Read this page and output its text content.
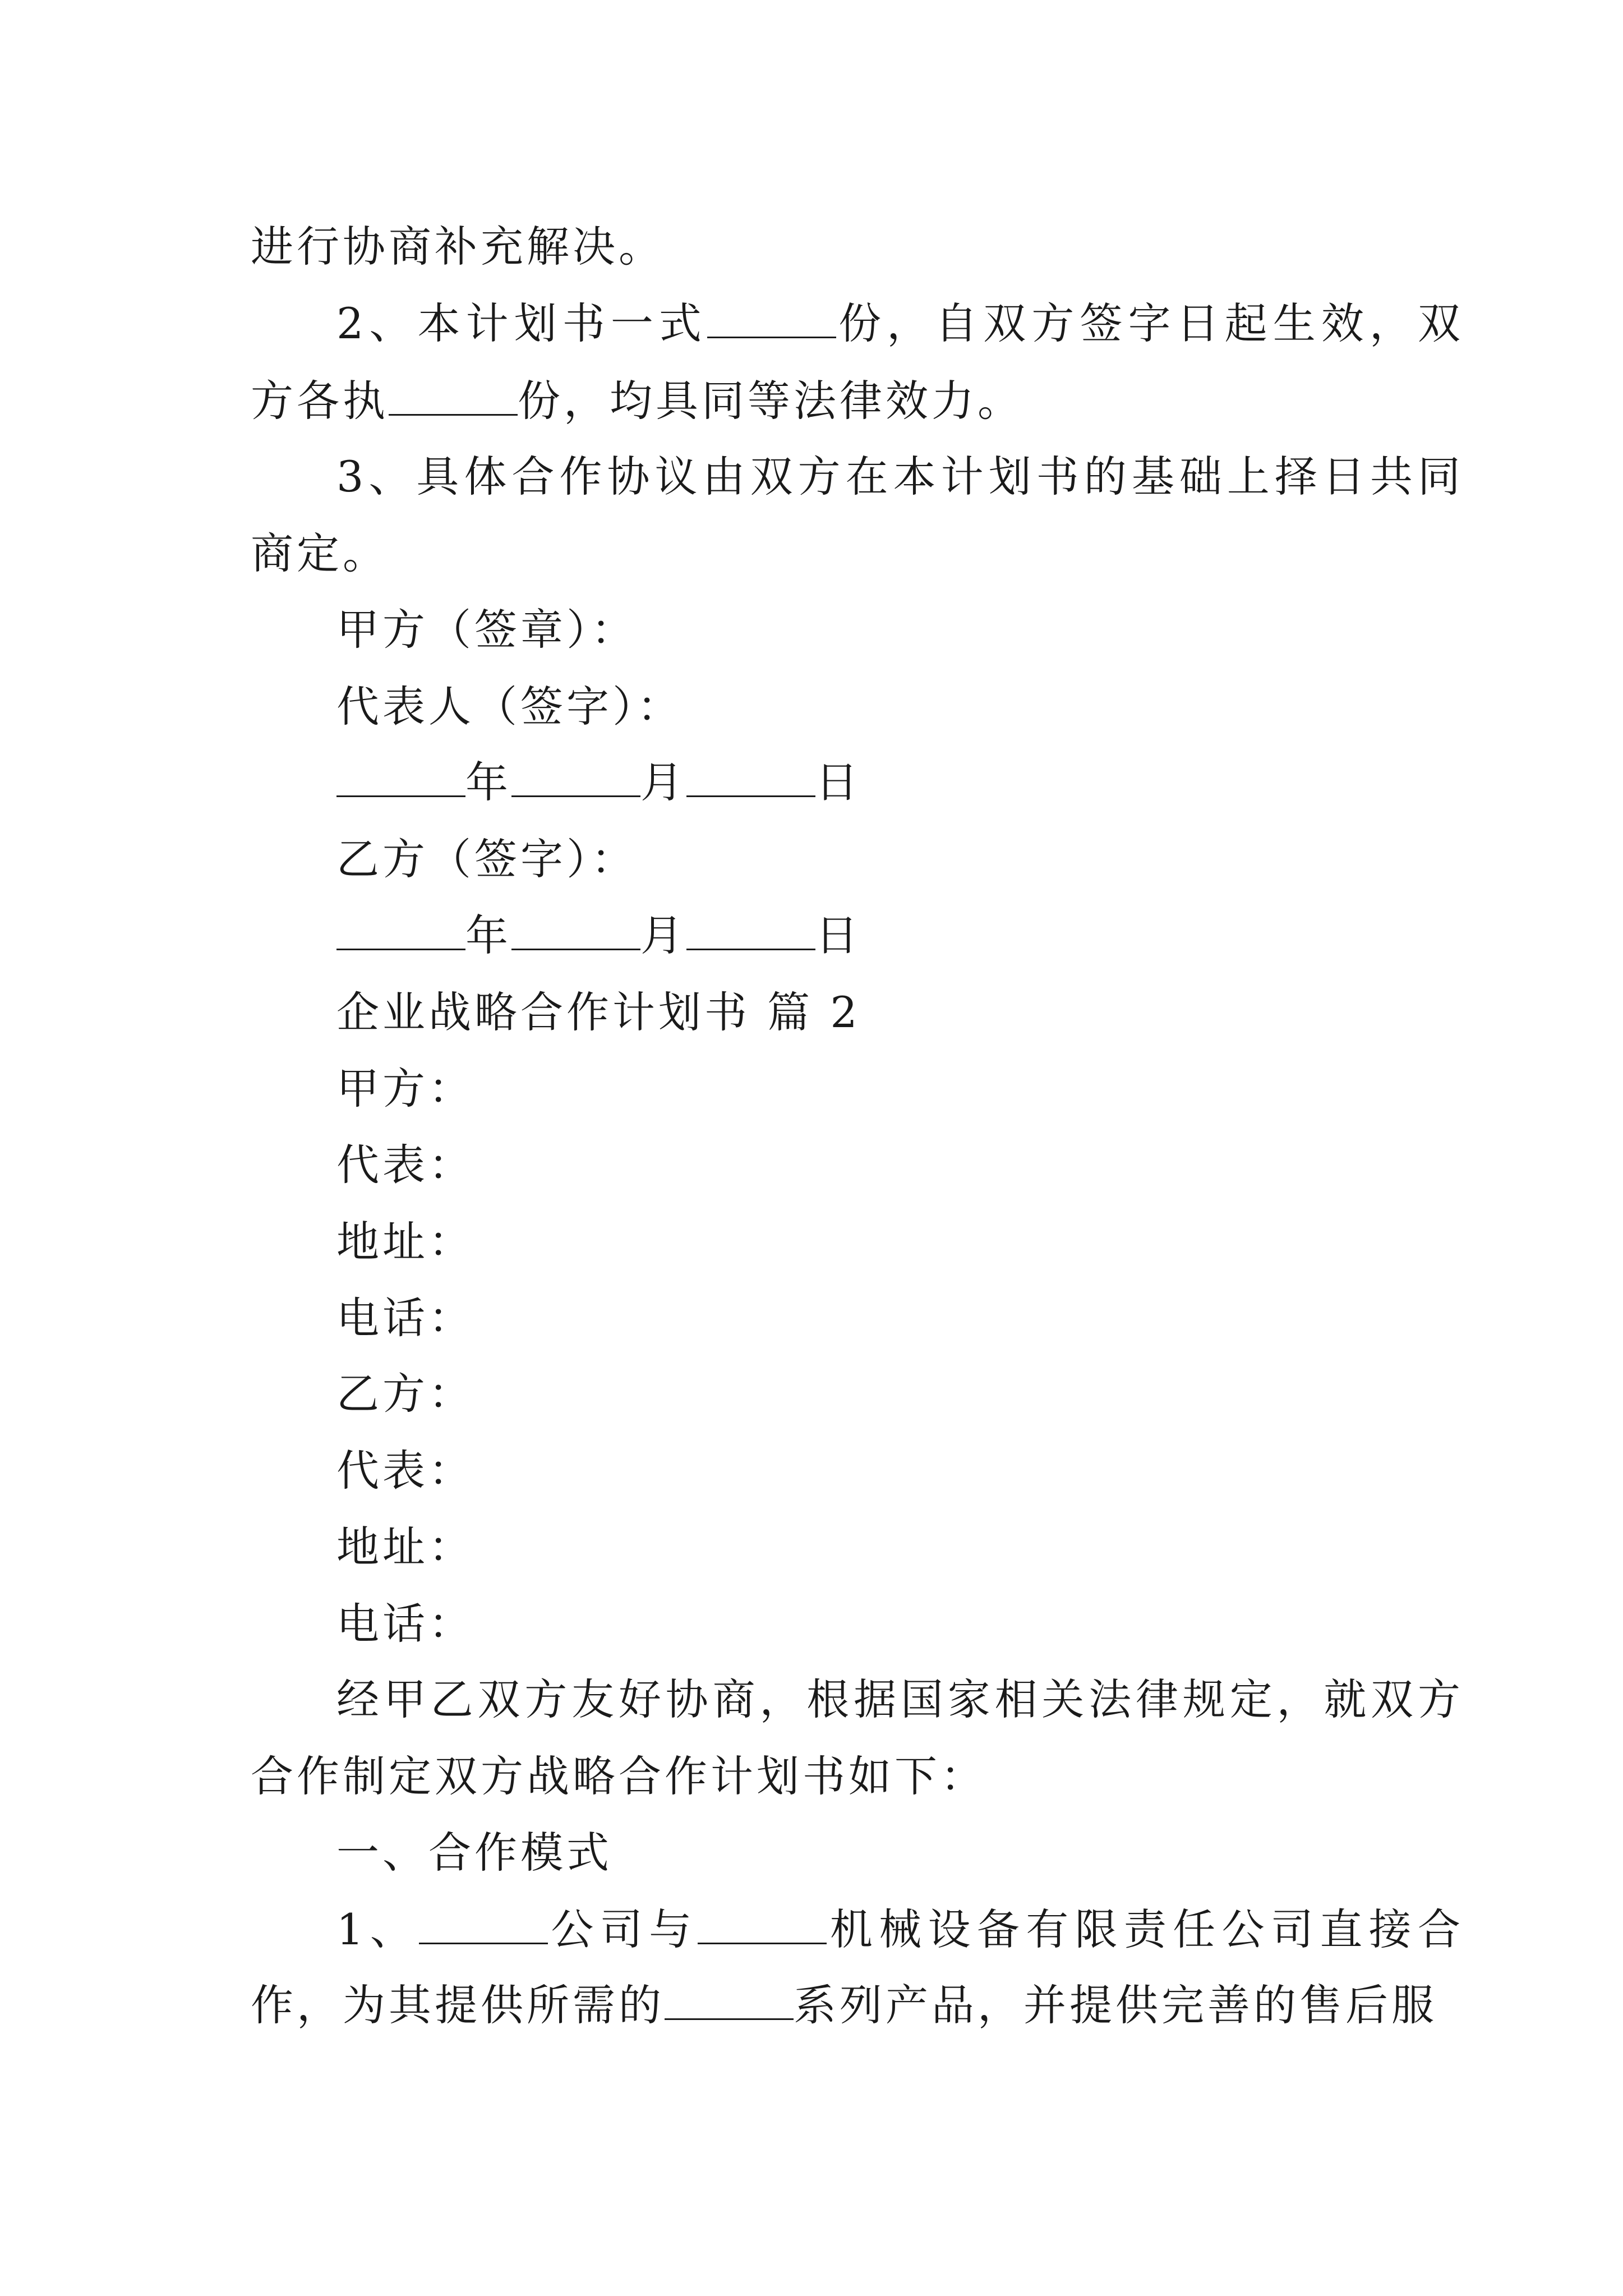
进行协商补充解决。
2、本计划书一式	份，自双方签字日起生效，双
方各执	份，均具同等法律效力。
3、具体合作协议由双方在本计划书的基础上择日共同
商定。
甲方（签章）：
代表人（签字）：
年	月	日
乙方（签字）：
年	月	日
企业战略合作计划书 篇 2
甲方：
代表：
地址：
电话：
乙方：
代表：
地址：
电话：
经甲乙双方友好协商，根据国家相关法律规定，就双方
合作制定双方战略合作计划书如下：
一、合作模式
1、	公司与	机械设备有限责任公司直接合
作，为其提供所需的	系列产品，并提供完善的售后服
